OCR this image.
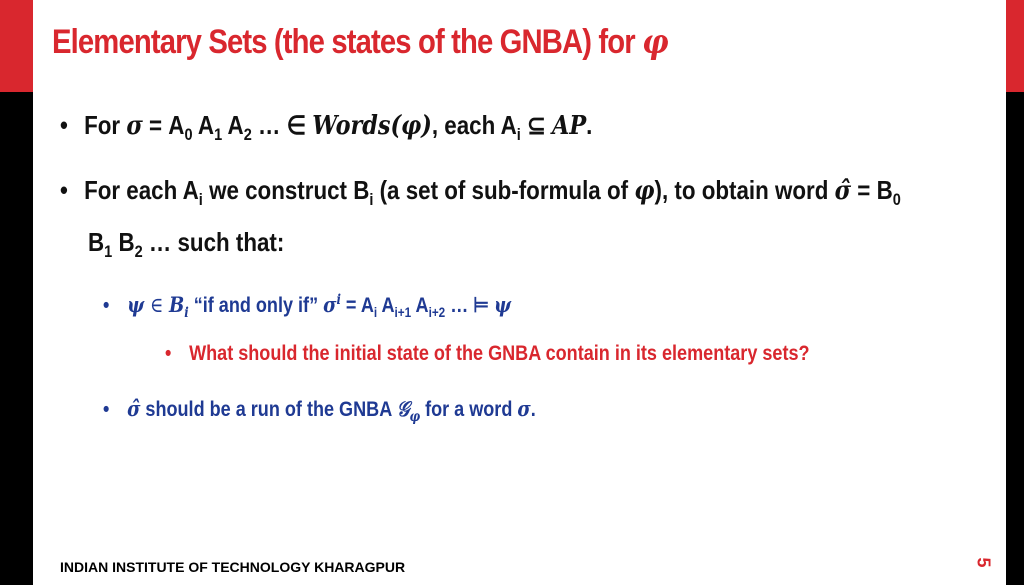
Elementary Sets (the states of the GNBA) for φ
• For $\sigma = A_0$ $A_1$ $A_2$ … ∈ Words(φ), each $A_i$ ⊆ AP.
• For each $A_i$ we construct $B_i$ (a set of sub-formula of φ), to obtain word σ̂ = $B_0$
$B_1$ $B_2$ … such that:
• ψ ∈ $B_i$ “if and only if” $\sigma^i = A_i$ $A_{i+1}$ $A_{i+2}$ … ⊨ ψ
• What should the initial state of the GNBA contain in its elementary sets?
• σ̂ should be a run of the GNBA 𝒢$_\varphi$ for a word σ.
INDIAN INSTITUTE OF TECHNOLOGY KHARAGPUR	5
